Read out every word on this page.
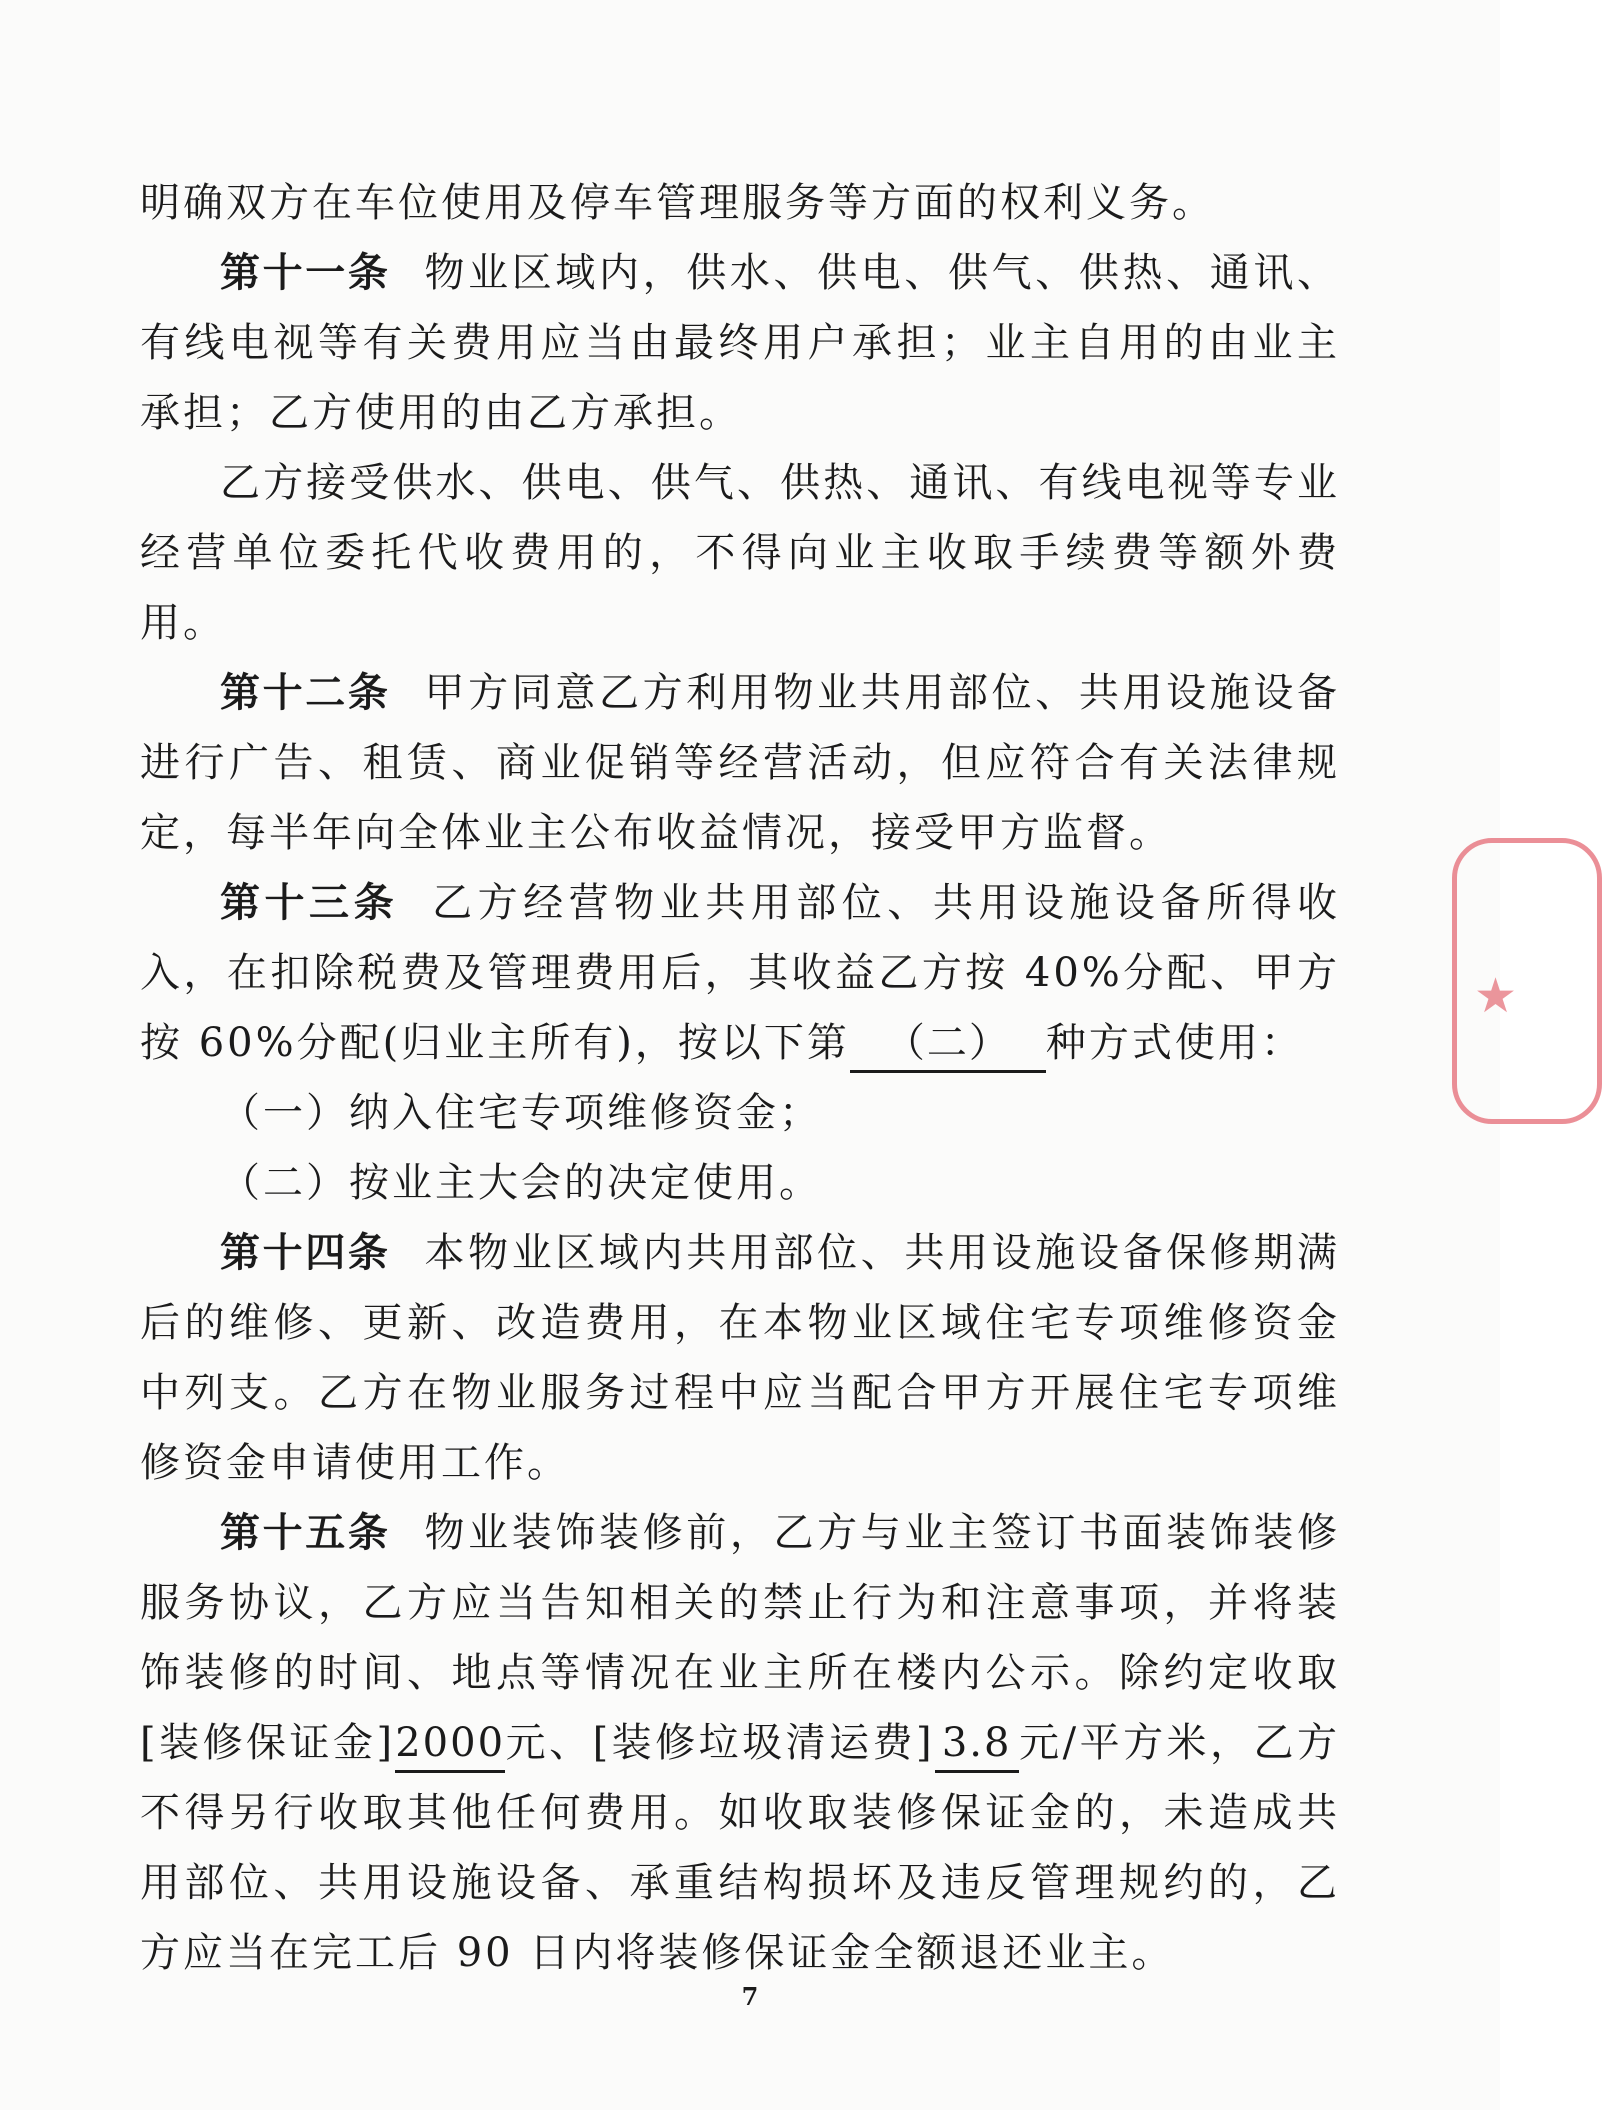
明确双方在车位使用及停车管理服务等方面的权利义务。

第十一条 物业区域内，供水、供电、供气、供热、通讯、有线电视等有关费用应当由最终用户承担；业主自用的由业主承担；乙方使用的由乙方承担。

乙方接受供水、供电、供气、供热、通讯、有线电视等专业经营单位委托代收费用的，不得向业主收取手续费等额外费用。

第十二条 甲方同意乙方利用物业共用部位、共用设施设备进行广告、租赁、商业促销等经营活动，但应符合有关法律规定，每半年向全体业主公布收益情况，接受甲方监督。

第十三条 乙方经营物业共用部位、共用设施设备所得收入，在扣除税费及管理费用后，其收益乙方按 40%分配、甲方按 60%分配(归业主所有)，按以下第 （二） 种方式使用：

（一）纳入住宅专项维修资金；

（二）按业主大会的决定使用。

第十四条 本物业区域内共用部位、共用设施设备保修期满后的维修、更新、改造费用，在本物业区域住宅专项维修资金中列支。乙方在物业服务过程中应当配合甲方开展住宅专项维修资金申请使用工作。

第十五条 物业装饰装修前，乙方与业主签订书面装饰装修服务协议，乙方应当告知相关的禁止行为和注意事项，并将装饰装修的时间、地点等情况在业主所在楼内公示。除约定收取[装修保证金]2000元、[装修垃圾清运费] 3.8 元/平方米，乙方不得另行收取其他任何费用。如收取装修保证金的，未造成共用部位、共用设施设备、承重结构损坏及违反管理规约的，乙方应当在完工后 90 日内将装修保证金全额退还业主。

7
★
